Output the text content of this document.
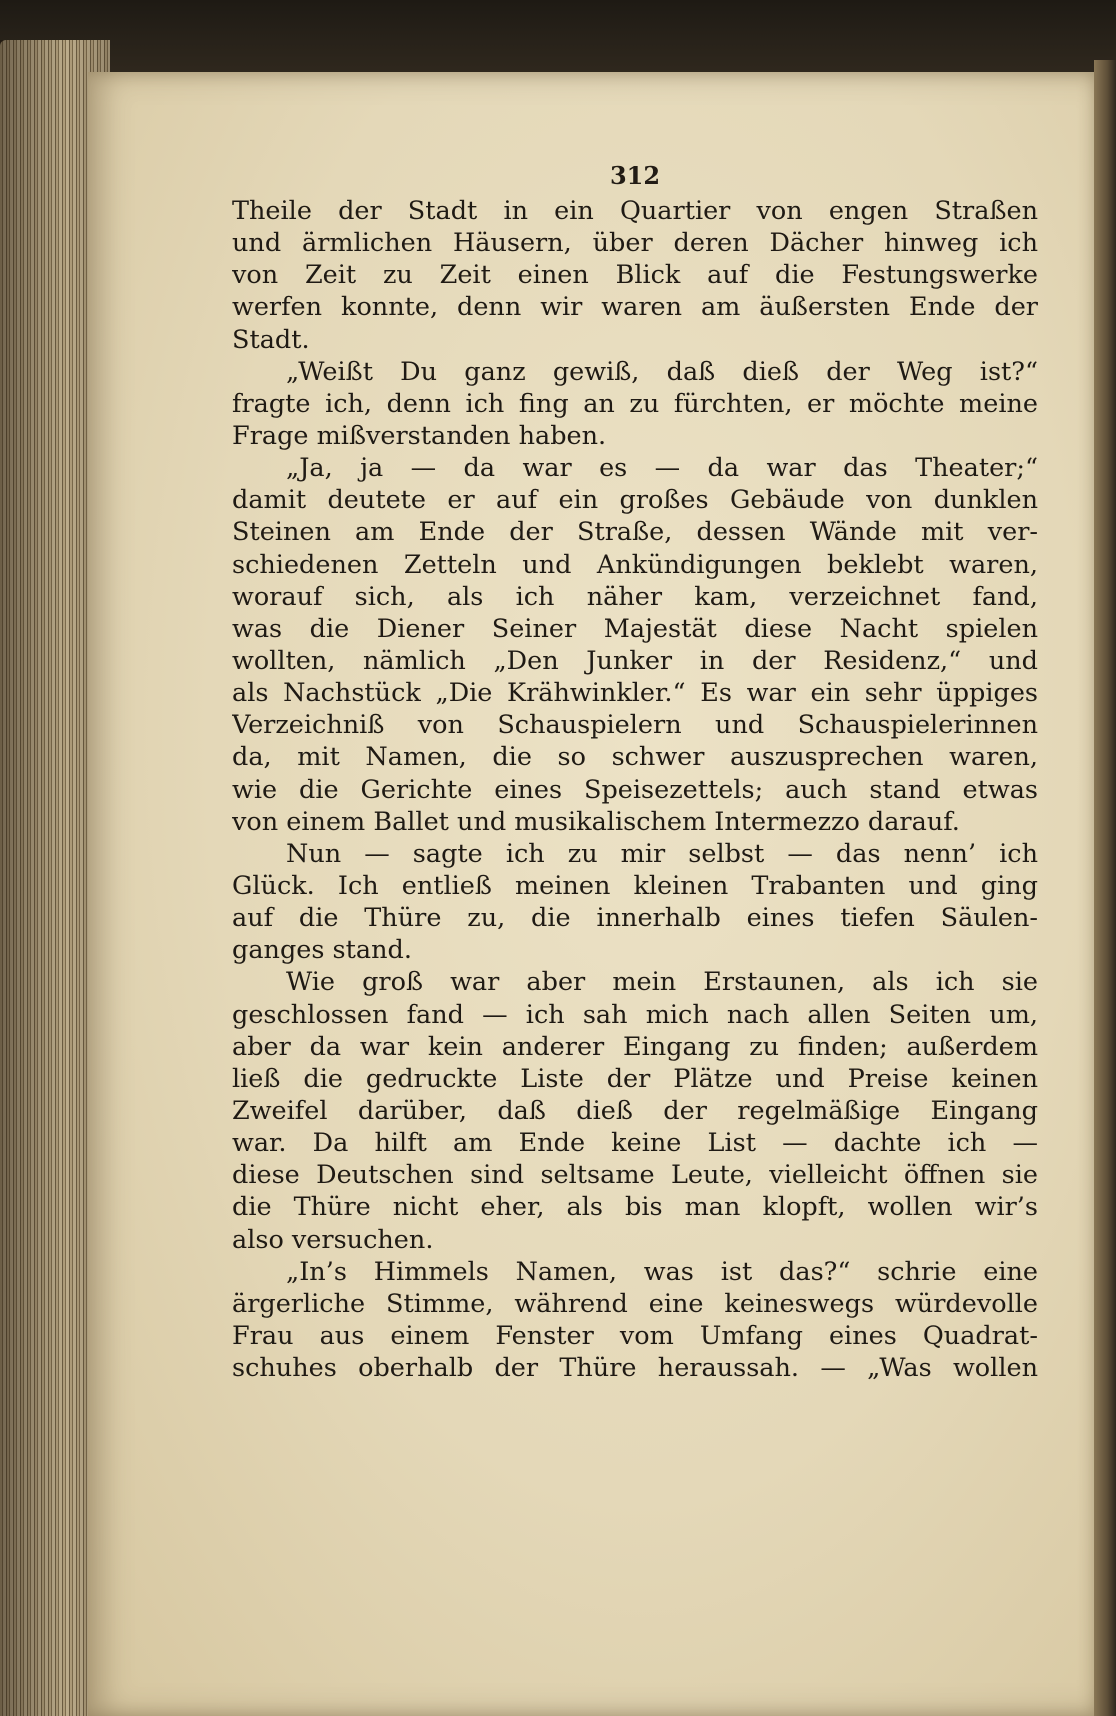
312
Theile der Stadt in ein Quartier von engen Straßen
und ärmlichen Häusern, über deren Dächer hinweg ich
von Zeit zu Zeit einen Blick auf die Festungswerke
werfen konnte, denn wir waren am äußersten Ende der
Stadt.
„Weißt Du ganz gewiß, daß dieß der Weg ist?“
fragte ich, denn ich fing an zu fürchten, er möchte meine
Frage mißverstanden haben.
„Ja, ja — da war es — da war das Theater;“
damit deutete er auf ein großes Gebäude von dunklen
Steinen am Ende der Straße, dessen Wände mit ver-
schiedenen Zetteln und Ankündigungen beklebt waren,
worauf sich, als ich näher kam, verzeichnet fand,
was die Diener Seiner Majestät diese Nacht spielen
wollten, nämlich „Den Junker in der Residenz,“ und
als Nachstück „Die Krähwinkler.“ Es war ein sehr üppiges
Verzeichniß von Schauspielern und Schauspielerinnen
da, mit Namen, die so schwer auszusprechen waren,
wie die Gerichte eines Speisezettels; auch stand etwas
von einem Ballet und musikalischem Intermezzo darauf.
Nun — sagte ich zu mir selbst — das nenn’ ich
Glück. Ich entließ meinen kleinen Trabanten und ging
auf die Thüre zu, die innerhalb eines tiefen Säulen-
ganges stand.
Wie groß war aber mein Erstaunen, als ich sie
geschlossen fand — ich sah mich nach allen Seiten um,
aber da war kein anderer Eingang zu finden; außerdem
ließ die gedruckte Liste der Plätze und Preise keinen
Zweifel darüber, daß dieß der regelmäßige Eingang
war. Da hilft am Ende keine List — dachte ich —
diese Deutschen sind seltsame Leute, vielleicht öffnen sie
die Thüre nicht eher, als bis man klopft, wollen wir’s
also versuchen.
„In’s Himmels Namen, was ist das?“ schrie eine
ärgerliche Stimme, während eine keineswegs würdevolle
Frau aus einem Fenster vom Umfang eines Quadrat-
schuhes oberhalb der Thüre heraussah. — „Was wollen
